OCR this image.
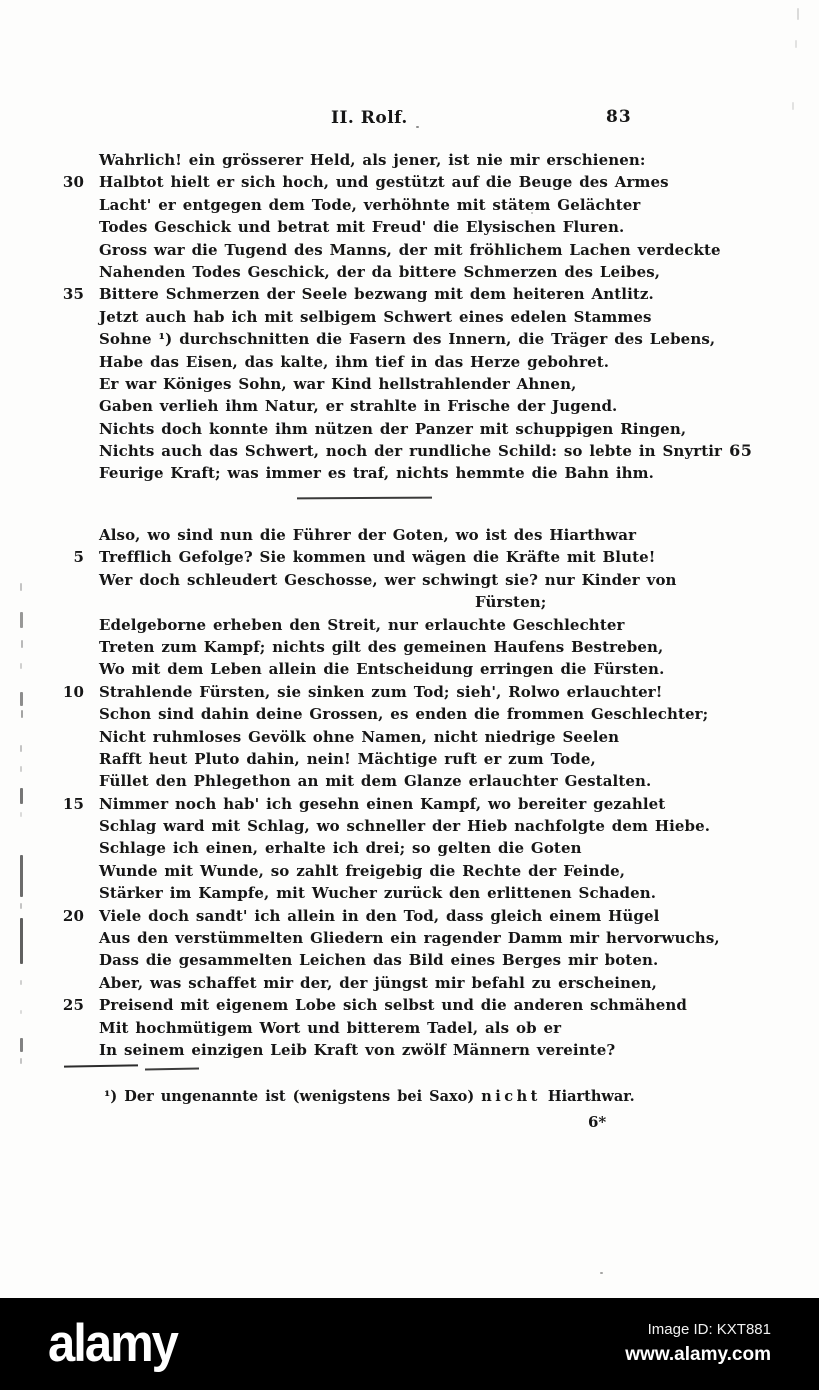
II. Rolf.	83
Wahrlich! ein grösserer Held, als jener, ist nie mir erschienen:
30 Halbtot hielt er sich hoch, und gestützt auf die Beuge des Armes
Lacht' er entgegen dem Tode, verhöhnte mit stätem Gelächter
Todes Geschick und betrat mit Freud' die Elysischen Fluren.
Gross war die Tugend des Manns, der mit fröhlichem Lachen verdeckte
Nahenden Todes Geschick, der da bittere Schmerzen des Leibes,
35 Bittere Schmerzen der Seele bezwang mit dem heiteren Antlitz.
Jetzt auch hab ich mit selbigem Schwert eines edelen Stammes
Sohne ¹) durchschnitten die Fasern des Innern, die Träger des Lebens,
Habe das Eisen, das kalte, ihm tief in das Herze gebohret.
Er war Königes Sohn, war Kind hellstrahlender Ahnen,
Gaben verlieh ihm Natur, er strahlte in Frische der Jugend.
Nichts doch konnte ihm nützen der Panzer mit schuppigen Ringen,
Nichts auch das Schwert, noch der rundliche Schild: so lebte in Snyrtir 65
Feurige Kraft; was immer es traf, nichts hemmte die Bahn ihm.
Also, wo sind nun die Führer der Goten, wo ist des Hiarthwar
5 Trefflich Gefolge? Sie kommen und wägen die Kräfte mit Blute!
Wer doch schleudert Geschosse, wer schwingt sie? nur Kinder von
Fürsten;
Edelgeborne erheben den Streit, nur erlauchte Geschlechter
Treten zum Kampf; nichts gilt des gemeinen Haufens Bestreben,
Wo mit dem Leben allein die Entscheidung erringen die Fürsten.
10 Strahlende Fürsten, sie sinken zum Tod; sieh', Rolwo erlauchter!
Schon sind dahin deine Grossen, es enden die frommen Geschlechter;
Nicht ruhmloses Gevölk ohne Namen, nicht niedrige Seelen
Rafft heut Pluto dahin, nein! Mächtige ruft er zum Tode,
Füllet den Phlegethon an mit dem Glanze erlauchter Gestalten.
15 Nimmer noch hab' ich gesehn einen Kampf, wo bereiter gezahlet
Schlag ward mit Schlag, wo schneller der Hieb nachfolgte dem Hiebe.
Schlage ich einen, erhalte ich drei; so gelten die Goten
Wunde mit Wunde, so zahlt freigebig die Rechte der Feinde,
Stärker im Kampfe, mit Wucher zurück den erlittenen Schaden.
20 Viele doch sandt' ich allein in den Tod, dass gleich einem Hügel
Aus den verstümmelten Gliedern ein ragender Damm mir hervorwuchs,
Dass die gesammelten Leichen das Bild eines Berges mir boten.
Aber, was schaffet mir der, der jüngst mir befahl zu erscheinen,
25 Preisend mit eigenem Lobe sich selbst und die anderen schmähend
Mit hochmütigem Wort und bitterem Tadel, als ob er
In seinem einzigen Leib Kraft von zwölf Männern vereinte?
¹) Der ungenannte ist (wenigstens bei Saxo) nicht Hiarthwar.
6*
alamy	Image ID: KXT881
www.alamy.com
